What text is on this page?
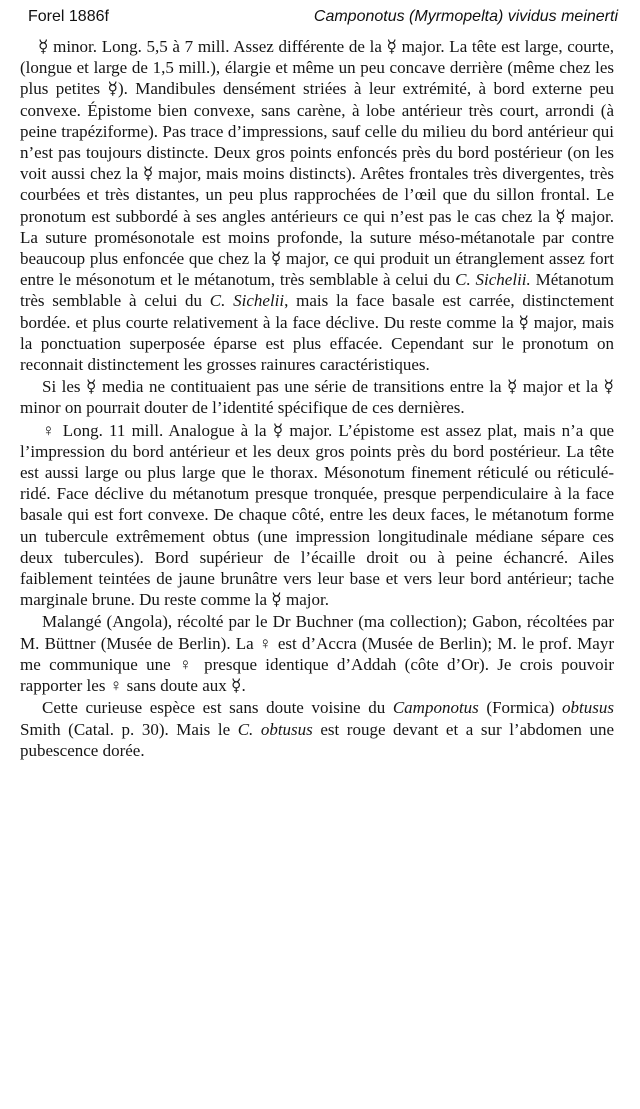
Forel 1886f	Camponotus (Myrmopelta) vividus meinerti

☿ minor. Long. 5,5 à 7 mill. Assez différente de la ☿ major. La tête est large, courte, (longue et large de 1,5 mill.), élargie et même un peu concave derrière (même chez les plus petites ☿). Mandibules densément striées à leur extrémité, à bord externe peu convexe. Épistome bien convexe, sans carène, à lobe antérieur très court, arrondi (à peine trapéziforme). Pas trace d’impressions, sauf celle du milieu du bord antérieur qui n’est pas toujours distincte. Deux gros points enfoncés près du bord postérieur (on les voit aussi chez la ☿ major, mais moins distincts). Arêtes frontales très divergentes, très courbées et très distantes, un peu plus rapprochées de l’œil que du sillon frontal. Le pronotum est subbordé à ses angles antérieurs ce qui n’est pas le cas chez la ☿ major. La suture promésonotale est moins profonde, la suture méso-métanotale par contre beaucoup plus enfoncée que chez la ☿ major, ce qui produit un étranglement assez fort entre le mésonotum et le métanotum, très semblable à celui du C. Sichelii. Métanotum très semblable à celui du C. Sichelii, mais la face basale est carrée, distinctement bordée. et plus courte relativement à la face déclive. Du reste comme la ☿ major, mais la ponctuation superposée éparse est plus effacée. Cependant sur le pronotum on reconnait distinctement les grosses rainures caractéristiques.

Si les ☿ media ne contituaient pas une série de transitions entre la ☿ major et la ☿ minor on pourrait douter de l’identité spécifique de ces dernières.

♀ Long. 11 mill. Analogue à la ☿ major. L’épistome est assez plat, mais n’a que l’impression du bord antérieur et les deux gros points près du bord postérieur. La tête est aussi large ou plus large que le thorax. Mésonotum finement réticulé ou réticulé-ridé. Face déclive du métanotum presque tronquée, presque perpendiculaire à la face basale qui est fort convexe. De chaque côté, entre les deux faces, le métanotum forme un tubercule extrêmement obtus (une impression longitudinale médiane sépare ces deux tubercules). Bord supérieur de l’écaille droit ou à peine échancré. Ailes faiblement teintées de jaune brunâtre vers leur base et vers leur bord antérieur; tache marginale brune. Du reste comme la ☿ major.

Malangé (Angola), récolté par le Dr Buchner (ma collection); Gabon, récoltées par M. Büttner (Musée de Berlin). La ♀ est d’Accra (Musée de Berlin); M. le prof. Mayr me communique une ♀ presque identique d’Addah (côte d’Or). Je crois pouvoir rapporter les ♀ sans doute aux ☿.

Cette curieuse espèce est sans doute voisine du Camponotus (Formica) obtusus Smith (Catal. p. 30). Mais le C. obtusus est rouge devant et a sur l’abdomen une pubescence dorée.
